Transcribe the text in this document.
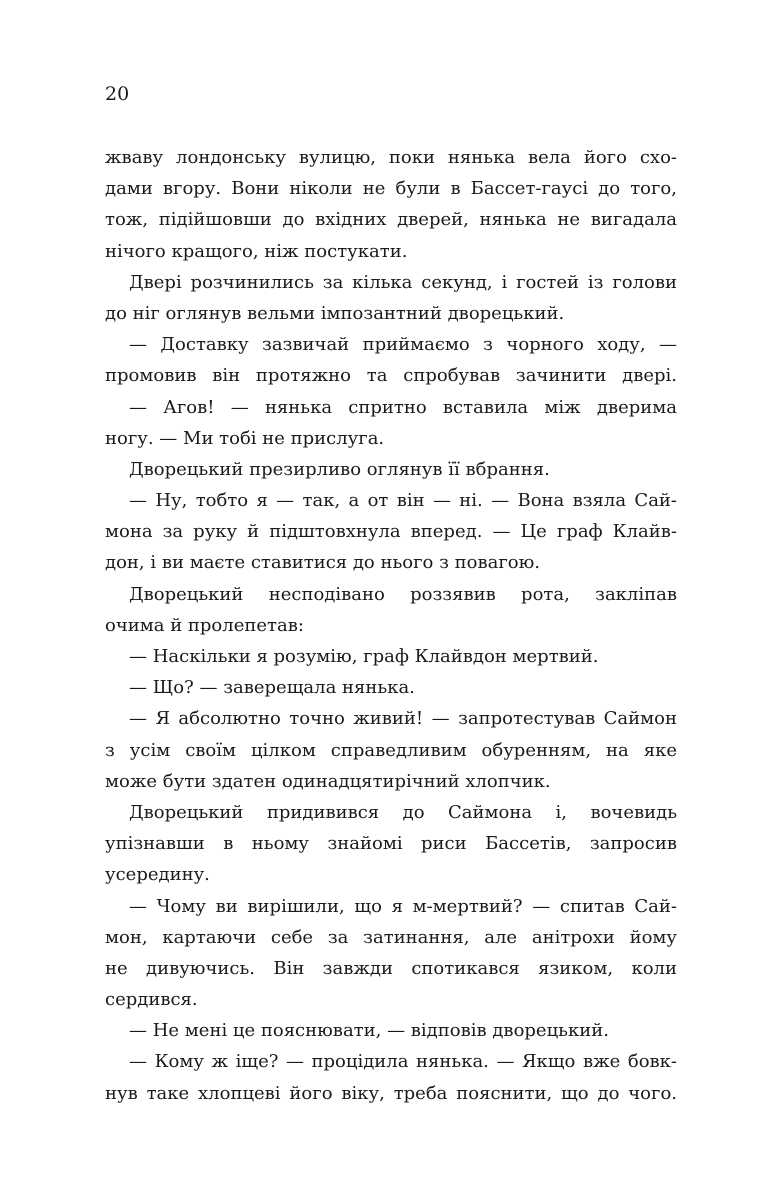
20
жваву лондонську вулицю, поки нянька вела його схо-
дами вгору. Вони ніколи не були в Бассет-гаусі до того,
тож, підійшовши до вхідних дверей, нянька не вигадала
нічого кращого, ніж постукати.
Двері розчинились за кілька секунд, і гостей із голови
до ніг оглянув вельми імпозантний дворецький.
— Доставку зазвичай приймаємо з чорного ходу, —
промовив він протяжно та спробував зачинити двері.
— Агов! — нянька спритно вставила між дверима
ногу. — Ми тобі не прислуга.
Дворецький презирливо оглянув її вбрання.
— Ну, тобто я — так, а от він — ні. — Вона взяла Сай-
мона за руку й підштовхнула вперед. — Це граф Клайв-
дон, і ви маєте ставитися до нього з повагою.
Дворецький несподівано роззявив рота, закліпав
очима й пролепетав:
— Наскільки я розумію, граф Клайвдон мертвий.
— Що? — заверещала нянька.
— Я абсолютно точно живий! — запротестував Саймон
з усім своїм цілком справедливим обуренням, на яке
може бути здатен одинадцятирічний хлопчик.
Дворецький придивився до Саймона і, вочевидь
упізнавши в ньому знайомі риси Бассетів, запросив
усередину.
— Чому ви вирішили, що я м-мертвий? — спитав Сай-
мон, картаючи себе за затинання, але анітрохи йому
не дивуючись. Він завжди спотикався язиком, коли
сердився.
— Не мені це пояснювати, — відповів дворецький.
— Кому ж іще? — процідила нянька. — Якщо вже бовк-
нув таке хлопцеві його віку, треба пояснити, що до чого.
